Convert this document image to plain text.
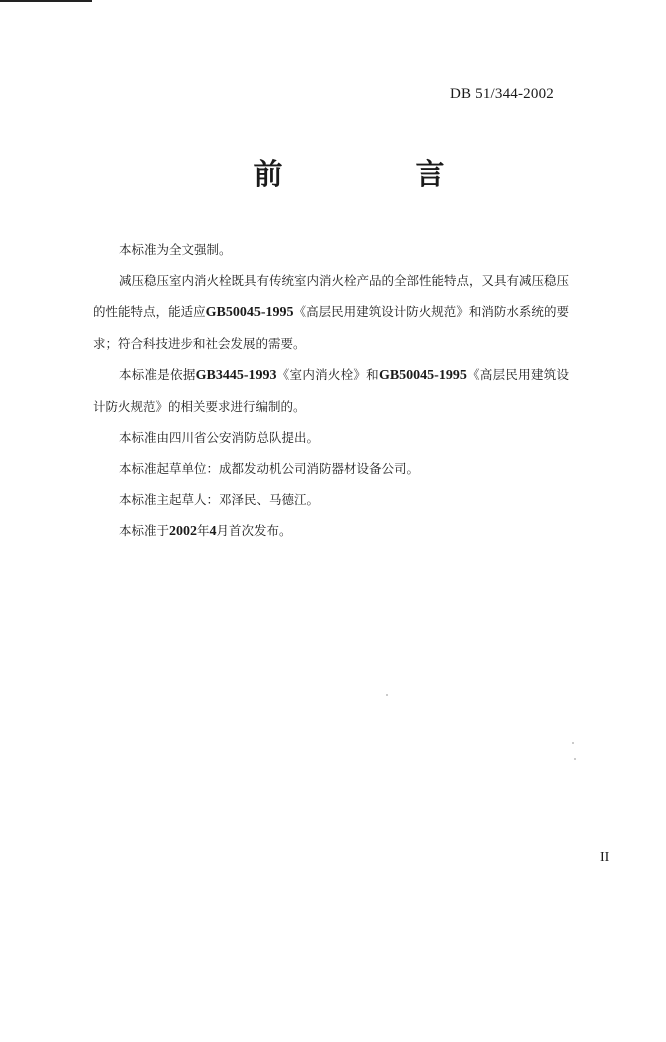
DB 51/344-2002
前　言

本标准为全文强制。

减压稳压室内消火栓既具有传统室内消火栓产品的全部性能特点，又具有减压稳压的性能特点，能适应GB50045-1995《高层民用建筑设计防火规范》和消防水系统的要求；符合科技进步和社会发展的需要。

本标准是依据GB3445-1993《室内消火栓》和GB50045-1995《高层民用建筑设计防火规范》的相关要求进行编制的。

本标准由四川省公安消防总队提出。

本标准起草单位：成都发动机公司消防器材设备公司。

本标准主起草人：邓泽民、马德江。

本标准于2002年4月首次发布。

II
